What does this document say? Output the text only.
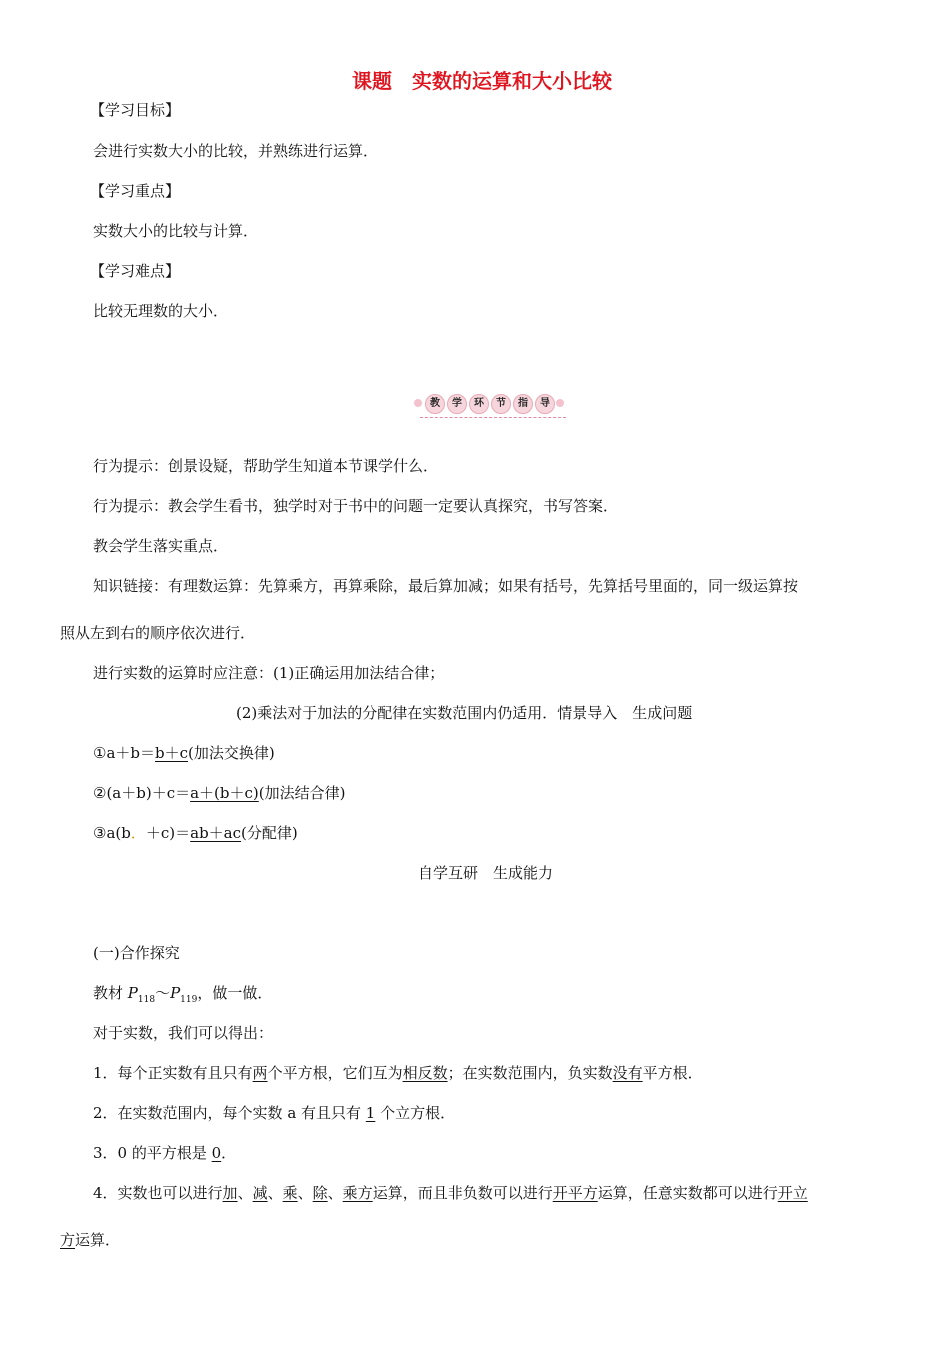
课题　实数的运算和大小比较
【学习目标】
会进行实数大小的比较，并熟练进行运算．
【学习重点】
实数大小的比较与计算．
【学习难点】
比较无理数的大小．
教	学	环	节	指	导
行为提示：创景设疑，帮助学生知道本节课学什么．
行为提示：教会学生看书，独学时对于书中的问题一定要认真探究，书写答案．
教会学生落实重点．
知识链接：有理数运算：先算乘方，再算乘除，最后算加减；如果有括号，先算括号里面的，同一级运算按
照从左到右的顺序依次进行．
进行实数的运算时应注意：(1)正确运用加法结合律；
(2)乘法对于加法的分配律在实数范围内仍适用．情景导入　生成问题
①a＋b＝b＋c(加法交换律)
②(a＋b)＋c＝a＋(b＋c)(加法结合律)
③a(b．＋c)＝ab＋ac(分配律)
自学互研　生成能力
(一)合作探究
教材 $P_{118}\sim P_{119}$，做一做．
对于实数，我们可以得出：
1．每个正实数有且只有两个平方根，它们互为相反数；在实数范围内，负实数没有平方根．
2．在实数范围内，每个实数 a 有且只有 1 个立方根．
3．0 的平方根是 0．
4．实数也可以进行加、减、乘、除、乘方运算，而且非负数可以进行开平方运算，任意实数都可以进行开立
方运算．
